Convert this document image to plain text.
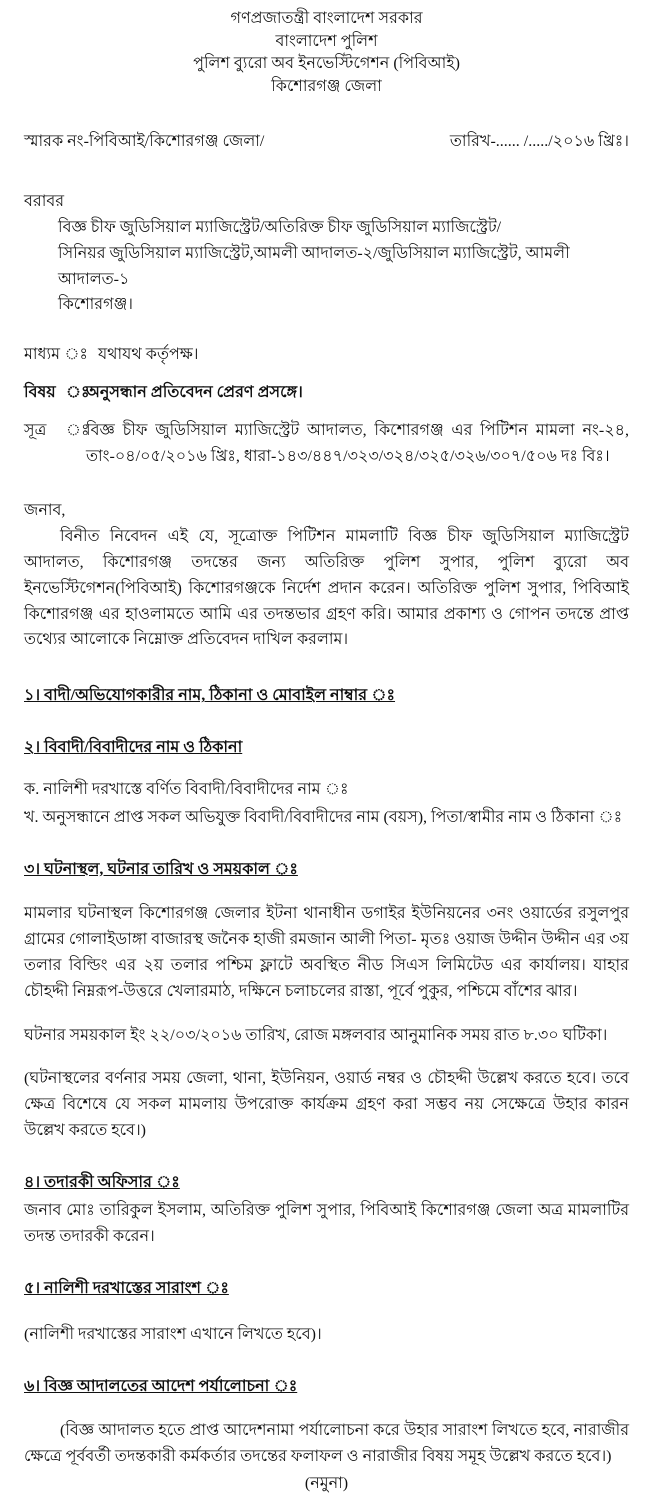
গণপ্রজাতন্ত্রী বাংলাদেশ সরকার
বাংলাদেশ পুলিশ
পুলিশ ব্যুরো অব ইনভেস্টিগেশন (পিবিআই)
কিশোরগঞ্জ জেলা
স্মারক নং-পিবিআই/কিশোরগঞ্জ জেলা/	তারিখ-...... /...../২০১৬ খ্রিঃ।
বরাবর
বিজ্ঞ চীফ জুডিসিয়াল ম্যাজিস্ট্রেট/অতিরিক্ত চীফ জুডিসিয়াল ম্যাজিস্ট্রেট/
সিনিয়র জুডিসিয়াল ম্যাজিস্ট্রেট,আমলী আদালত-২/জুডিসিয়াল ম্যাজিস্ট্রেট, আমলী আদালত-১
কিশোরগঞ্জ।
মাধ্যম ঃ যথাযথ কর্তৃপক্ষ।
বিষয় ঃ
অনুসন্ধান প্রতিবেদন প্রেরণ প্রসঙ্গে।
সূত্র	ঃ
বিজ্ঞ চীফ জুডিসিয়াল ম্যাজিস্ট্রেট আদালত, কিশোরগঞ্জ এর পিটিশন মামলা নং-২৪, তাং-০৪/০৫/২০১৬ খ্রিঃ, ধারা-১৪৩/৪৪৭/৩২৩/৩২৪/৩২৫/৩২৬/৩০৭/৫০৬ দঃ বিঃ।
জনাব,

বিনীত নিবেদন এই যে, সূত্রোক্ত পিটিশন মামলাটি বিজ্ঞ চীফ জুডিসিয়াল ম্যাজিস্ট্রেট আদালত, কিশোরগঞ্জ তদন্তের জন্য অতিরিক্ত পুলিশ সুপার, পুলিশ ব্যুরো অব ইনভেস্টিগেশন(পিবিআই) কিশোরগঞ্জকে নির্দেশ প্রদান করেন। অতিরিক্ত পুলিশ সুপার, পিবিআই কিশোরগঞ্জ এর হাওলামতে আমি এর তদন্তভার গ্রহণ করি। আমার প্রকাশ্য ও গোপন তদন্তে প্রাপ্ত তথ্যের আলোকে নিম্নোক্ত প্রতিবেদন দাখিল করলাম।

১। বাদী/অভিযোগকারীর নাম, ঠিকানা ও মোবাইল নাম্বার ঃ
২। বিবাদী/বিবাদীদের নাম ও ঠিকানা
ক. নালিশী দরখাস্তে বর্ণিত বিবাদী/বিবাদীদের নাম ঃ
খ. অনুসন্ধানে প্রাপ্ত সকল অভিযুক্ত বিবাদী/বিবাদীদের নাম (বয়স), পিতা/স্বামীর নাম ও ঠিকানা ঃ
৩। ঘটনাস্থল, ঘটনার তারিখ ও সময়কাল ঃ

মামলার ঘটনাস্থল কিশোরগঞ্জ জেলার ইটনা থানাধীন ডগাইর ইউনিয়নের ৩নং ওয়ার্ডের রসুলপুর গ্রামের গোলাইডাঙ্গা বাজারস্থ জনৈক হাজী রমজান আলী পিতা- মৃতঃ ওয়াজ উদ্দীন উদ্দীন এর ৩য় তলার বিল্ডিং এর ২য় তলার পশ্চিম ফ্লাটে অবস্থিত নীড সিএস লিমিটেড এর কার্যালয়। যাহার চৌহদ্দী নিম্নরূপ-উত্তরে খেলারমাঠ, দক্ষিনে চলাচলের রাস্তা, পূর্বে পুকুর, পশ্চিমে বাঁশের ঝার।

ঘটনার সময়কাল ইং ২২/০৩/২০১৬ তারিখ, রোজ মঙ্গলবার আনুমানিক সময় রাত ৮.৩০ ঘটিকা।

(ঘটনাস্থলের বর্ণনার সময় জেলা, থানা, ইউনিয়ন, ওয়ার্ড নম্বর ও চৌহদ্দী উল্লেখ করতে হবে। তবে ক্ষেত্র বিশেষে যে সকল মামলায় উপরোক্ত কার্যক্রম গ্রহণ করা সম্ভব নয় সেক্ষেত্রে উহার কারন উল্লেখ করতে হবে।)

৪। তদারকী অফিসার ঃ

জনাব মোঃ তারিকুল ইসলাম, অতিরিক্ত পুলিশ সুপার, পিবিআই কিশোরগঞ্জ জেলা অত্র মামলাটির তদন্ত তদারকী করেন।

৫। নালিশী দরখাস্তের সারাংশ ঃ
(নালিশী দরখাস্তের সারাংশ এখানে লিখতে হবে)।
৬। বিজ্ঞ আদালতের আদেশ পর্যালোচনা ঃ

(বিজ্ঞ আদালত হতে প্রাপ্ত আদেশনামা পর্যালোচনা করে উহার সারাংশ লিখতে হবে, নারাজীর ক্ষেত্রে পূর্ববর্তী তদন্তকারী কর্মকর্তার তদন্তের ফলাফল ও নারাজীর বিষয় সমূহ উল্লেখ করতে হবে।)

(নমুনা)
